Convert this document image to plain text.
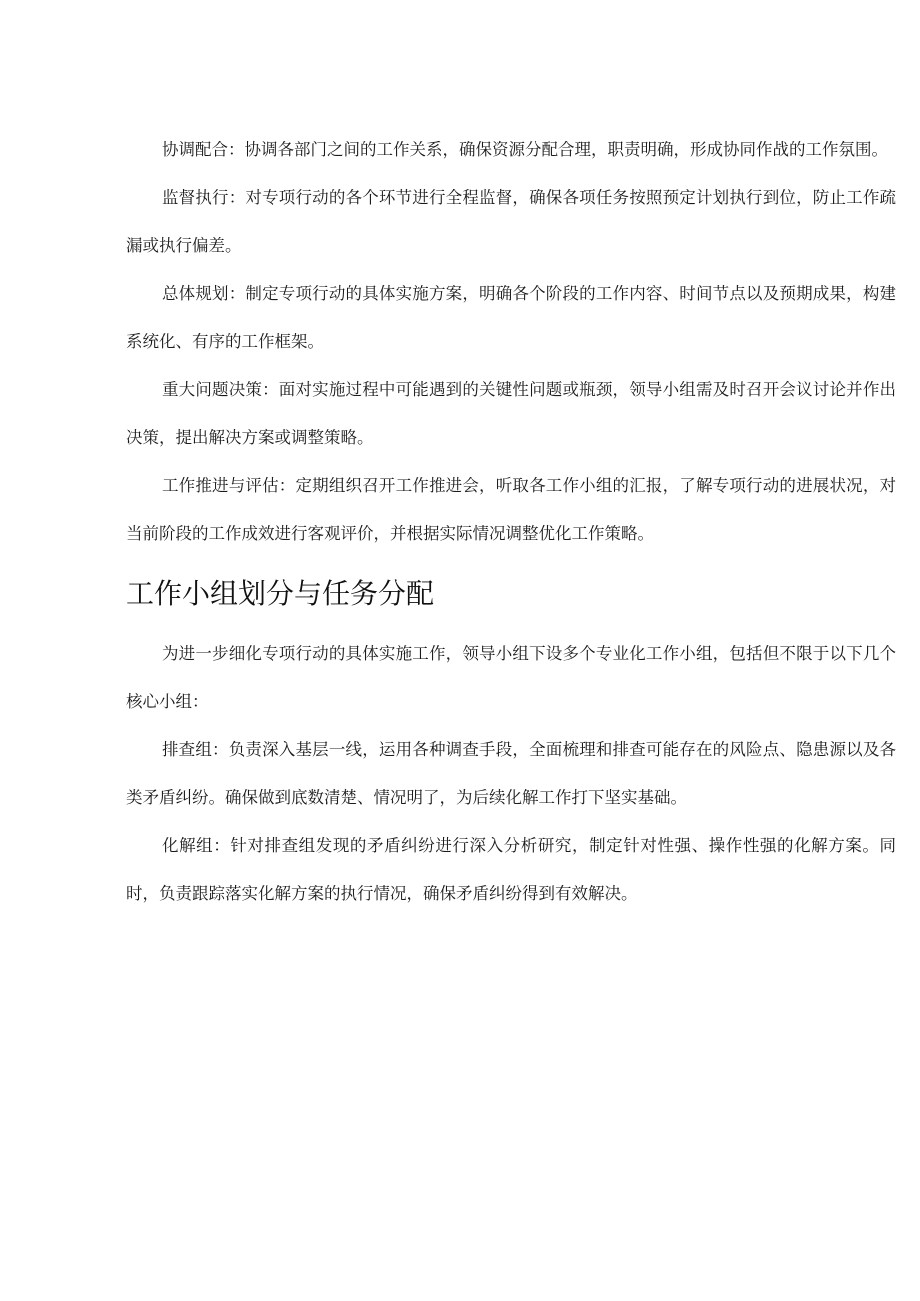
协调配合：协调各部门之间的工作关系，确保资源分配合理，职责明确，形成协同作战的工作氛围。

监督执行：对专项行动的各个环节进行全程监督，确保各项任务按照预定计划执行到位，防止工作疏漏或执行偏差。

总体规划：制定专项行动的具体实施方案，明确各个阶段的工作内容、时间节点以及预期成果，构建系统化、有序的工作框架。

重大问题决策：面对实施过程中可能遇到的关键性问题或瓶颈，领导小组需及时召开会议讨论并作出决策，提出解决方案或调整策略。

工作推进与评估：定期组织召开工作推进会，听取各工作小组的汇报，了解专项行动的进展状况，对当前阶段的工作成效进行客观评价，并根据实际情况调整优化工作策略。

工作小组划分与任务分配

为进一步细化专项行动的具体实施工作，领导小组下设多个专业化工作小组，包括但不限于以下几个核心小组：

排查组：负责深入基层一线，运用各种调查手段，全面梳理和排查可能存在的风险点、隐患源以及各类矛盾纠纷。确保做到底数清楚、情况明了，为后续化解工作打下坚实基础。

化解组：针对排查组发现的矛盾纠纷进行深入分析研究，制定针对性强、操作性强的化解方案。同时，负责跟踪落实化解方案的执行情况，确保矛盾纠纷得到有效解决。
